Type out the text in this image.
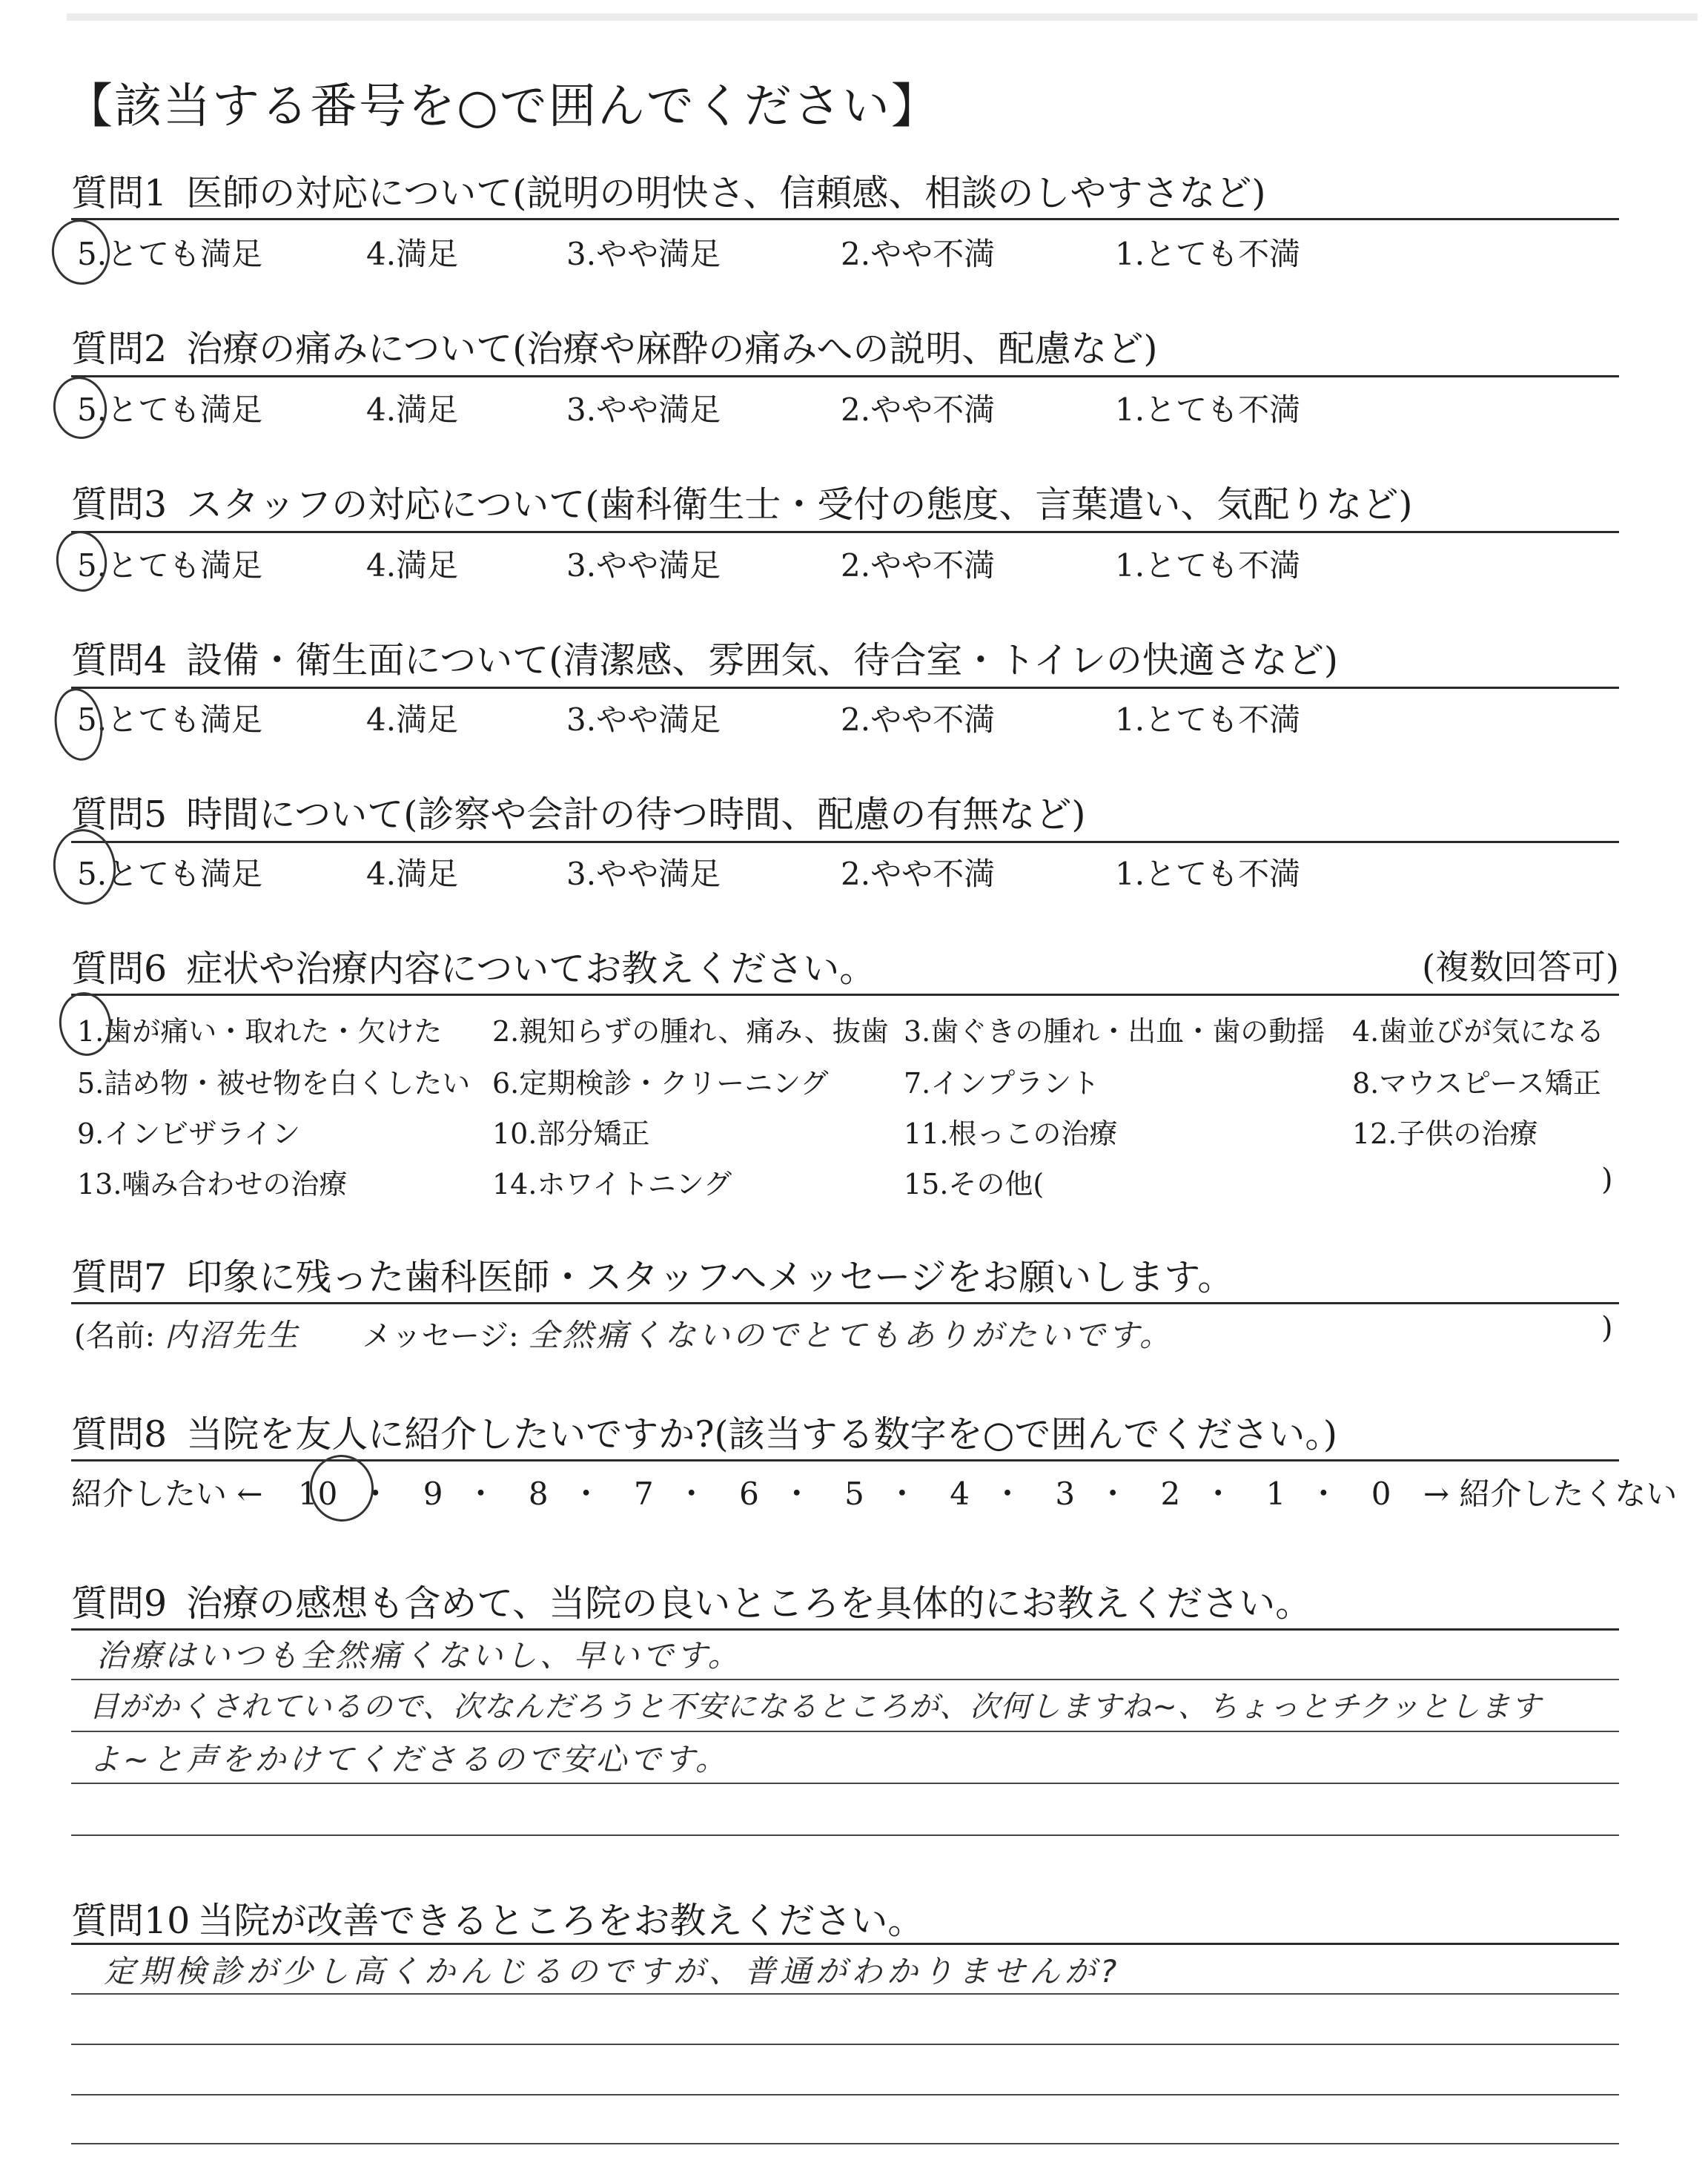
【該当する番号を○で囲んでください】
質問1 医師の対応について(説明の明快さ、信頼感、相談のしやすさなど)
5.とても満足	4.満足	3.やや満足	2.やや不満	1.とても不満
質問2 治療の痛みについて(治療や麻酔の痛みへの説明、配慮など)
5.とても満足	4.満足	3.やや満足	2.やや不満	1.とても不満
質問3 スタッフの対応について(歯科衛生士・受付の態度、言葉遣い、気配りなど)
5.とても満足	4.満足	3.やや満足	2.やや不満	1.とても不満
質問4 設備・衛生面について(清潔感、雰囲気、待合室・トイレの快適さなど)
5.とても満足	4.満足	3.やや満足	2.やや不満	1.とても不満
質問5 時間について(診察や会計の待つ時間、配慮の有無など)
5.とても満足	4.満足	3.やや満足	2.やや不満	1.とても不満
質問6 症状や治療内容についてお教えください。	(複数回答可)
1.歯が痛い・取れた・欠けた 2.親知らずの腫れ、痛み、抜歯 3.歯ぐきの腫れ・出血・歯の動揺 4.歯並びが気になる
5.詰め物・被せ物を白くしたい 6.定期検診・クリーニング	7.インプラント	8.マウスピース矯正
9.インビザライン	10.部分矯正	11.根っこの治療	12.子供の治療
13.噛み合わせの治療	14.ホワイトニング	15.その他(	)
質問7 印象に残った歯科医師・スタッフへメッセージをお願いします。
(名前: 内沼先生 メッセージ: 全然痛くないのでとてもありがたいです。	)
質問8 当院を友人に紹介したいですか?(該当する数字を○で囲んでください。)
紹介したい ← 10 ・ 9 ・ 8 ・ 7 ・ 6 ・ 5 ・ 4 ・ 3 ・ 2 ・ 1 ・ 0 → 紹介したくない
質問9 治療の感想も含めて、当院の良いところを具体的にお教えください。
治療はいつも全然痛くないし、早いです。
目がかくされているので、次なんだろうと不安になるところが、次何しますね~、ちょっとチクッとします
よ~と声をかけてくださるので安心です。
質問10 当院が改善できるところをお教えください。
定期検診が少し高くかんじるのですが、普通がわかりませんが?
